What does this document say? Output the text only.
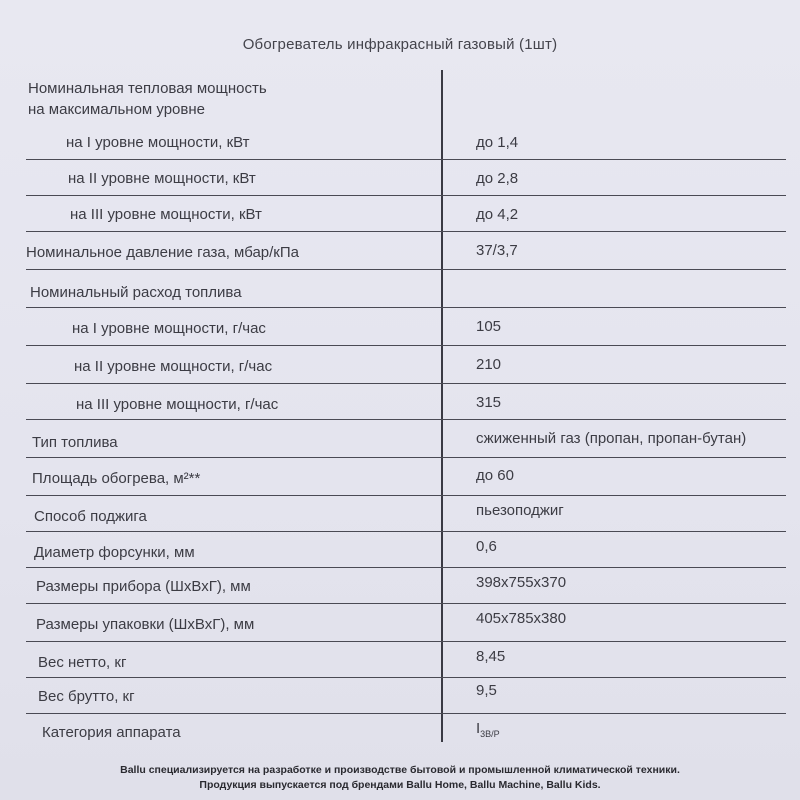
Обогреватель инфракрасный газовый (1шт)
Номинальная тепловая мощность
на максимальном уровне
на I уровне мощности, кВт	до 1,4
на II уровне мощности, кВт	до 2,8
на III уровне мощности, кВт	до 4,2
Номинальное давление газа, мбар/кПа	37/3,7
Номинальный расход топлива
на I уровне мощности, г/час	105
на II уровне мощности, г/час	210
на III уровне мощности, г/час	315
Тип топлива	сжиженный газ (пропан, пропан-бутан)
Площадь обогрева, м²**	до 60
Способ поджига	пьезоподжиг
Диаметр форсунки, мм	0,6
Размеры прибора (ШхВхГ), мм	398x755x370
Размеры упаковки (ШхВхГ), мм	405x785x380
Вес нетто, кг	8,45
Вес брутто, кг	9,5
Категория аппарата	$I_{3B/P}$
Ballu специализируется на разработке и производстве бытовой и промышленной климатической техники.
Продукция выпускается под брендами Ballu Home, Ballu Machine, Ballu Kids.
